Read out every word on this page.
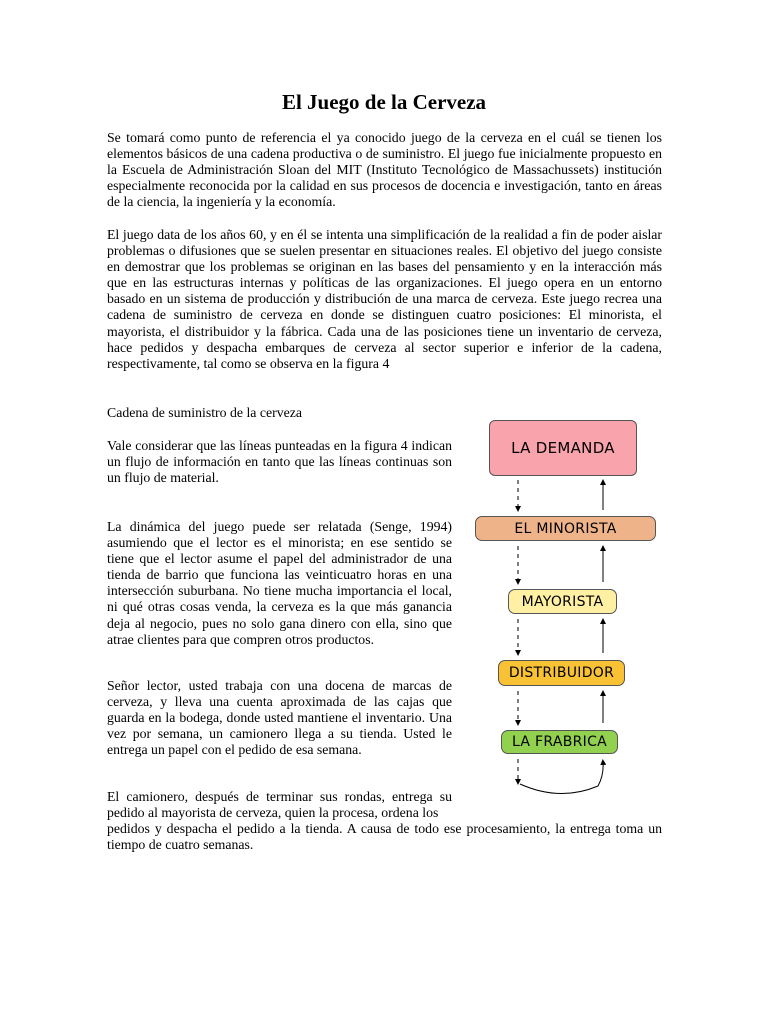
El Juego de la Cerveza

Se tomará como punto de referencia el ya conocido juego de la cerveza en el cuál se tienen los elementos básicos de una cadena productiva o de suministro. El juego fue inicialmente propuesto en la Escuela de Administración Sloan del MIT (Instituto Tecnológico de Massachussets) institución especialmente reconocida por la calidad en sus procesos de docencia e investigación, tanto en áreas de la ciencia, la ingeniería y la economía.

El juego data de los años 60, y en él se intenta una simplificación de la realidad a fin de poder aislar problemas o difusiones que se suelen presentar en situaciones reales. El objetivo del juego consiste en demostrar que los problemas se originan en las bases del pensamiento y en la interacción más que en las estructuras internas y políticas de las organizaciones. El juego opera en un entorno basado en un sistema de producción y distribución de una marca de cerveza. Este juego recrea una cadena de suministro de cerveza en donde se distinguen cuatro posiciones: El minorista, el mayorista, el distribuidor y la fábrica. Cada una de las posiciones tiene un inventario de cerveza, hace pedidos y despacha embarques de cerveza al sector superior e inferior de la cadena, respectivamente, tal como se observa en la figura 4

Cadena de suministro de la cerveza

Vale considerar que las líneas punteadas en la figura 4 indican un flujo de información en tanto que las líneas continuas son un flujo de material.

La dinámica del juego puede ser relatada (Senge, 1994) asumiendo que el lector es el minorista; en ese sentido se tiene que el lector asume el papel del administrador de una tienda de barrio que funciona las veinticuatro horas en una intersección suburbana. No tiene mucha importancia el local, ni qué otras cosas venda, la cerveza es la que más ganancia deja al negocio, pues no solo gana dinero con ella, sino que atrae clientes para que compren otros productos.

Señor lector, usted trabaja con una docena de marcas de cerveza, y lleva una cuenta aproximada de las cajas que guarda en la bodega, donde usted mantiene el inventario. Una vez por semana, un camionero llega a su tienda. Usted le entrega un papel con el pedido de esa semana.

El camionero, después de terminar sus rondas, entrega su pedido al mayorista de cerveza, quien la procesa, ordena los

pedidos y despacha el pedido a la tienda. A causa de todo ese procesamiento, la entrega toma un tiempo de cuatro semanas.

LA DEMANDA
EL MINORISTA
MAYORISTA
DISTRIBUIDOR
LA FRABRICA
